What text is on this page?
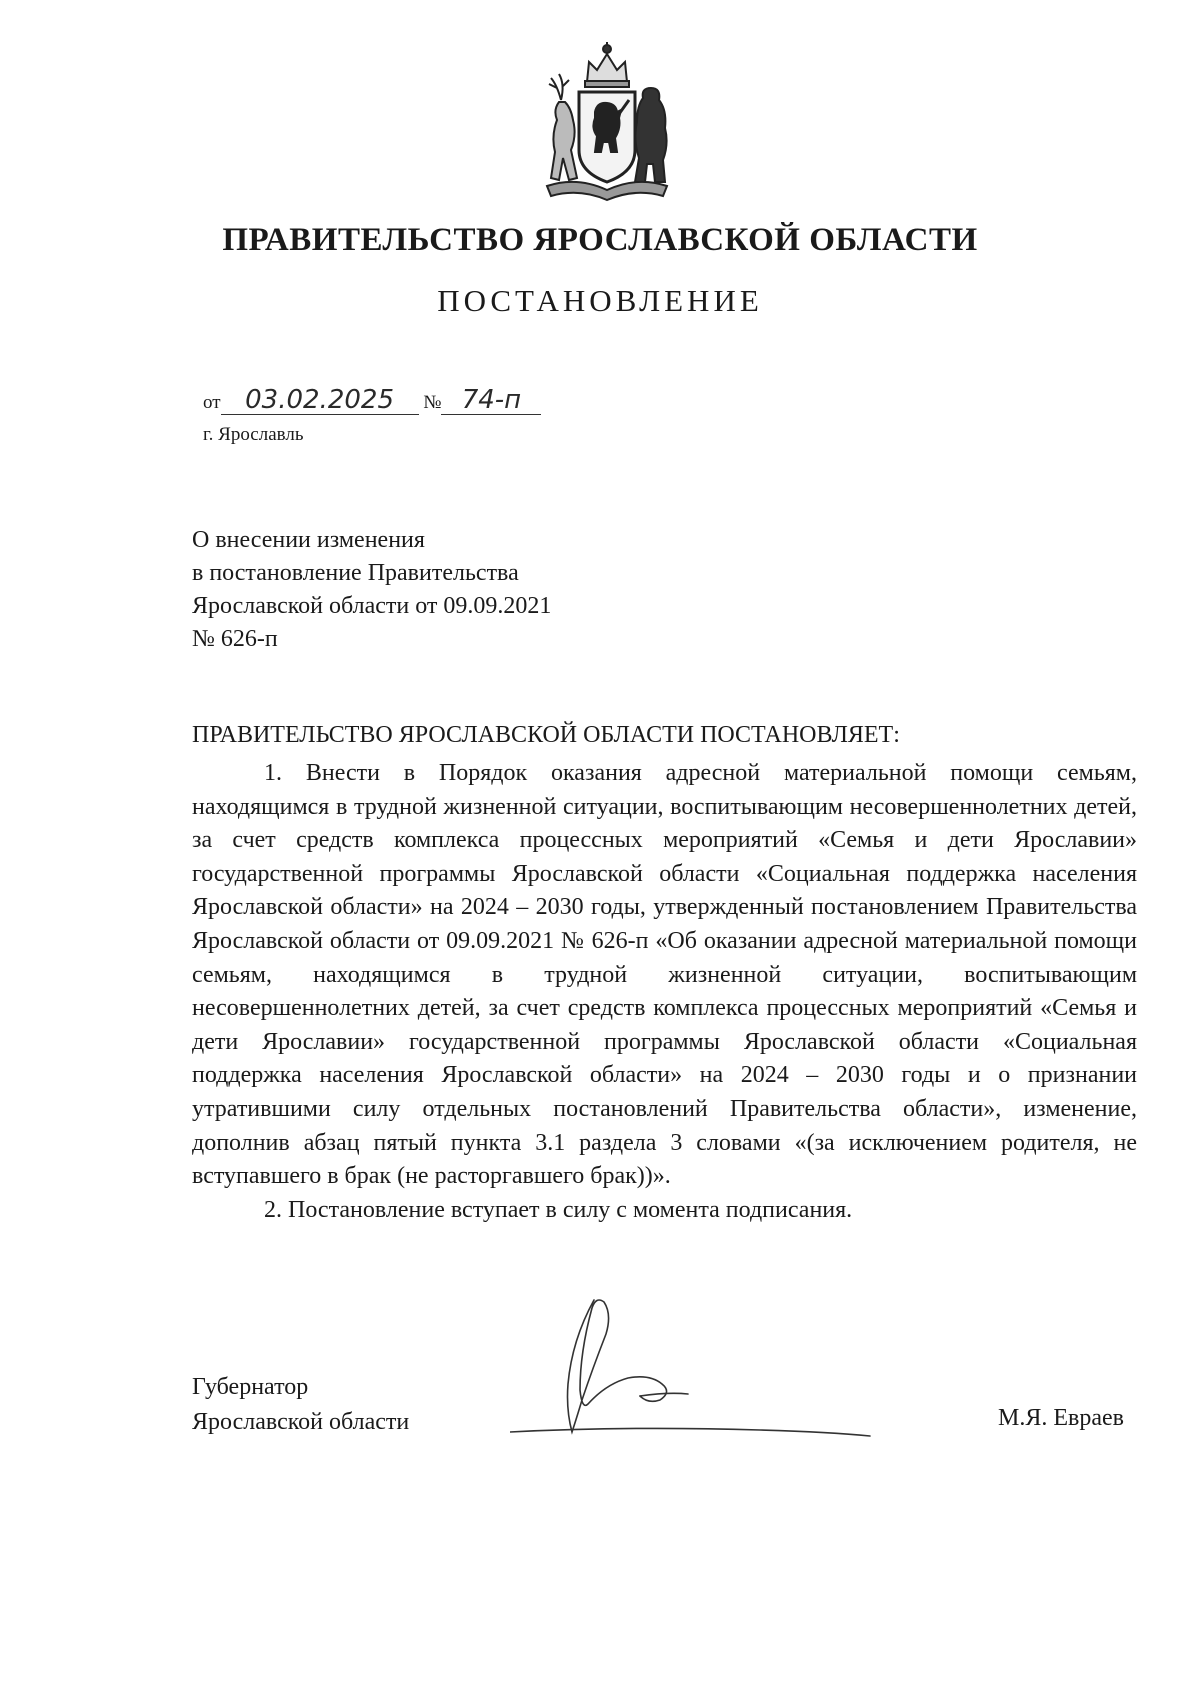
ПРАВИТЕЛЬСТВО ЯРОСЛАВСКОЙ ОБЛАСТИ
ПОСТАНОВЛЕНИЕ
от 03.02.2025 № 74-п
г. Ярославль
О внесении изменения
в постановление Правительства
Ярославской области от 09.09.2021
№ 626-п
ПРАВИТЕЛЬСТВО ЯРОСЛАВСКОЙ ОБЛАСТИ ПОСТАНОВЛЯЕТ:

1. Внести в Порядок оказания адресной материальной помощи семьям, находящимся в трудной жизненной ситуации, воспитывающим несовершеннолетних детей, за счет средств комплекса процессных мероприятий «Семья и дети Ярославии» государственной программы Ярославской области «Социальная поддержка населения Ярославской области» на 2024 – 2030 годы, утвержденный постановлением Правительства Ярославской области от 09.09.2021 № 626-п «Об оказании адресной материальной помощи семьям, находящимся в трудной жизненной ситуации, воспитывающим несовершеннолетних детей, за счет средств комплекса процессных мероприятий «Семья и дети Ярославии» государственной программы Ярославской области «Социальная поддержка населения Ярославской области» на 2024 – 2030 годы и о признании утратившими силу отдельных постановлений Правительства области», изменение, дополнив абзац пятый пункта 3.1 раздела 3 словами «(за исключением родителя, не вступавшего в брак (не расторгавшего брак))».

2. Постановление вступает в силу с момента подписания.

Губернатор
Ярославской области	М.Я. Евраев
